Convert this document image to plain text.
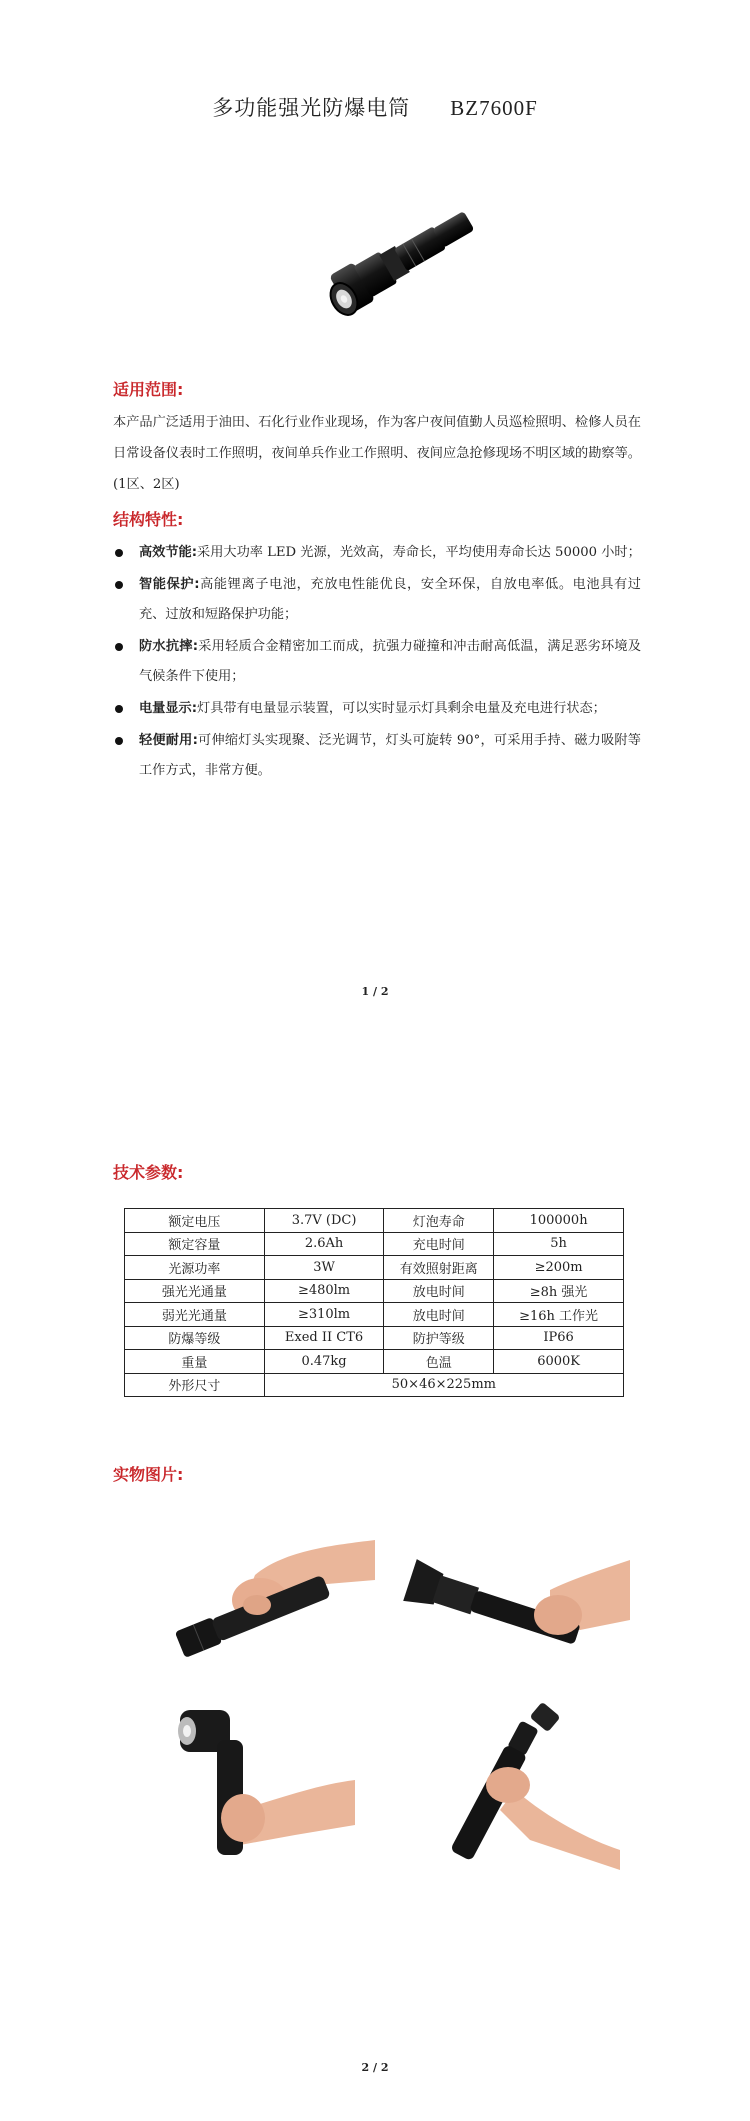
多功能强光防爆电筒 BZ7600F
适用范围:
本产品广泛适用于油田、石化行业作业现场，作为客户夜间值勤人员巡检照明、检修人员在日常设备仪表时工作照明，夜间单兵作业工作照明、夜间应急抢修现场不明区域的勘察等。(1区、2区)
结构特性:
高效节能:采用大功率 LED 光源，光效高，寿命长，平均使用寿命长达 50000 小时；
智能保护:高能锂离子电池，充放电性能优良，安全环保，自放电率低。电池具有过充、过放和短路保护功能；
防水抗摔:采用轻质合金精密加工而成，抗强力碰撞和冲击耐高低温，满足恶劣环境及气候条件下使用；
电量显示:灯具带有电量显示装置，可以实时显示灯具剩余电量及充电进行状态；
轻便耐用:可伸缩灯头实现聚、泛光调节，灯头可旋转 90°，可采用手持、磁力吸附等工作方式，非常方便。
1 / 2
技术参数:
额定电压	3.7V (DC)	灯泡寿命	100000h
额定容量	2.6Ah	充电时间	5h
光源功率	3W	有效照射距离	≥200m
强光光通量	≥480lm	放电时间	≥8h 强光
弱光光通量	≥310lm	放电时间	≥16h 工作光
防爆等级	Exed II CT6	防护等级	IP66
重量	0.47kg	色温	6000K
外形尺寸	50×46×225mm		
实物图片:
2 / 2
